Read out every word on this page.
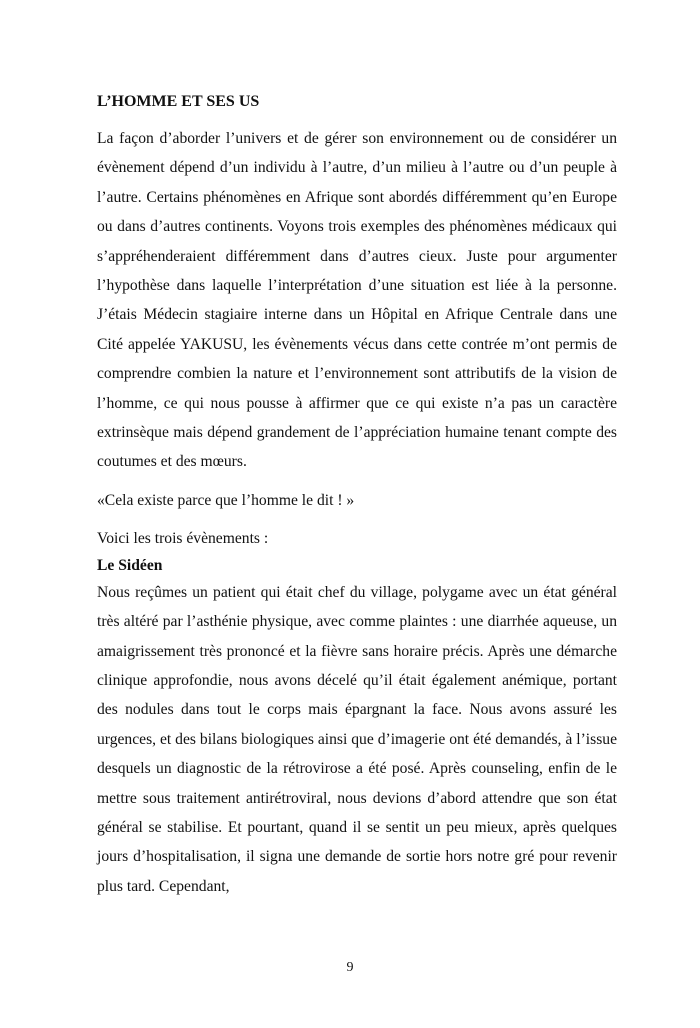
L’HOMME ET SES US

La façon d’aborder l’univers et de gérer son environnement ou de considérer un évènement dépend d’un individu à l’autre, d’un milieu à l’autre ou d’un peuple à l’autre. Certains phénomènes en Afrique sont abordés différemment qu’en Europe ou dans d’autres continents. Voyons trois exemples des phénomènes médicaux qui s’appréhenderaient différemment dans d’autres cieux. Juste pour argumenter l’hypothèse dans laquelle l’interprétation d’une situation est liée à la personne. J’étais Médecin stagiaire interne dans un Hôpital en Afrique Centrale dans une Cité appelée YAKUSU, les évènements vécus dans cette contrée m’ont permis de comprendre combien la nature et l’environnement sont attributifs de la vision de l’homme, ce qui nous pousse à affirmer que ce qui existe n’a pas un caractère extrinsèque mais dépend grandement de l’appréciation humaine tenant compte des coutumes et des mœurs.

«Cela existe parce que l’homme le dit ! »

Voici les trois évènements :

Le Sidéen

Nous reçûmes un patient qui était chef du village, polygame avec un état général très altéré par l’asthénie physique, avec comme plaintes : une diarrhée aqueuse, un amaigrissement très prononcé et la fièvre sans horaire précis. Après une démarche clinique approfondie, nous avons décelé qu’il était également anémique, portant des nodules dans tout le corps mais épargnant la face. Nous avons assuré les urgences, et des bilans biologiques ainsi que d’imagerie ont été demandés, à l’issue desquels un diagnostic de la rétrovirose a été posé. Après counseling, enfin de le mettre sous traitement antirétroviral, nous devions d’abord attendre que son état général se stabilise. Et pourtant, quand il se sentit un peu mieux, après quelques jours d’hospitalisation, il signa une demande de sortie hors notre gré pour revenir plus tard. Cependant,

9
